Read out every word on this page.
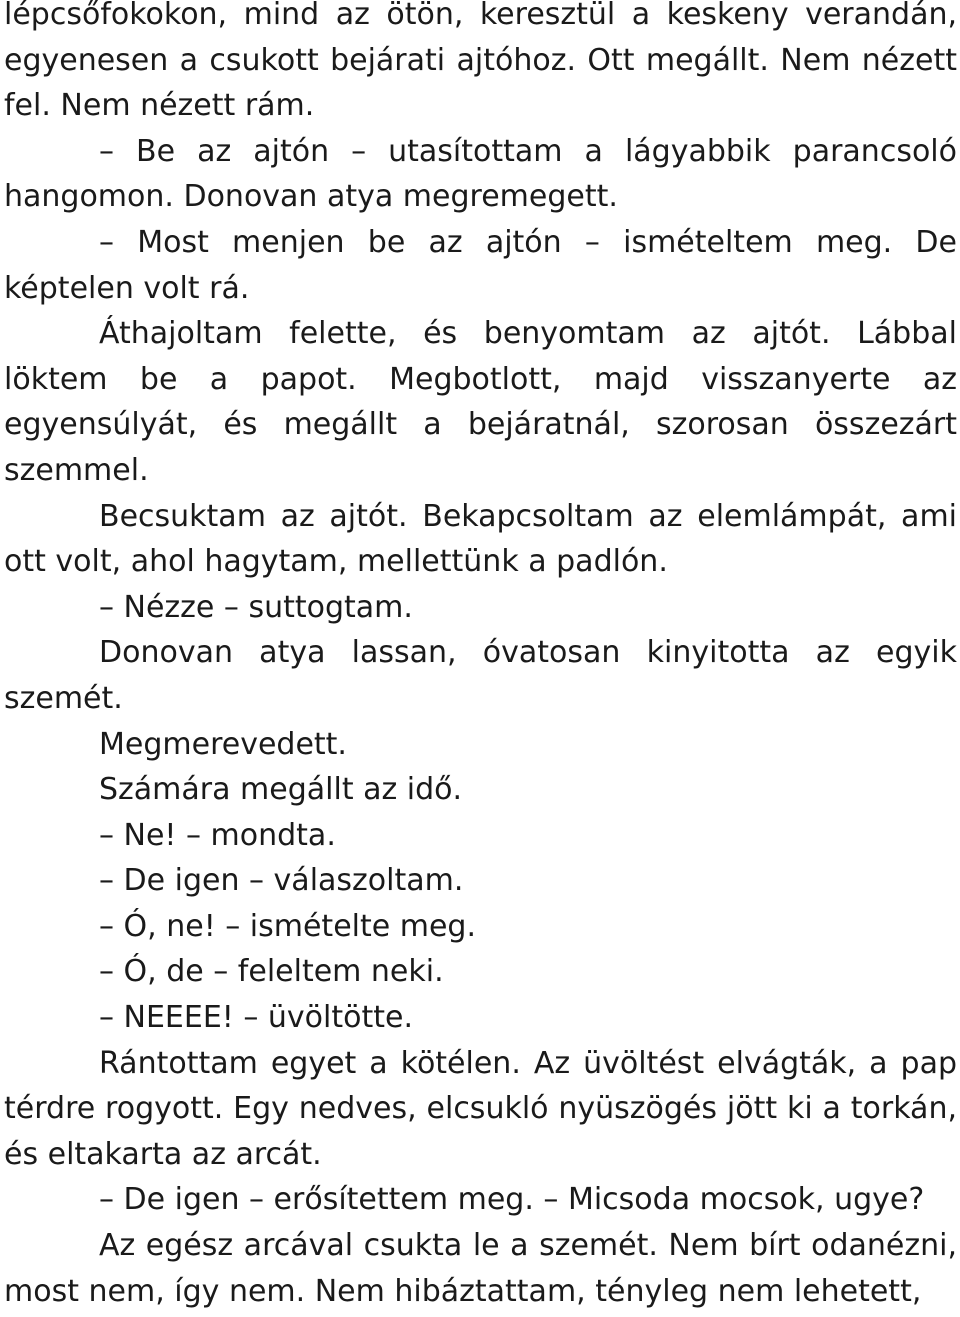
lépcsőfokokon, mind az ötön, keresztül a keskeny verandán, egyenesen a csukott bejárati ajtóhoz. Ott megállt. Nem nézett fel. Nem nézett rám.

– Be az ajtón – utasítottam a lágyabbik parancsoló hangomon. Donovan atya megremegett.

– Most menjen be az ajtón – ismételtem meg. De képtelen volt rá.

Áthajoltam felette, és benyomtam az ajtót. Lábbal löktem be a papot. Megbotlott, majd visszanyerte az egyensúlyát, és megállt a bejáratnál, szorosan összezárt szemmel.

Becsuktam az ajtót. Bekapcsoltam az elemlámpát, ami ott volt, ahol hagytam, mellettünk a padlón.

– Nézze – suttogtam.

Donovan atya lassan, óvatosan kinyitotta az egyik szemét.

Megmerevedett.

Számára megállt az idő.

– Ne! – mondta.

– De igen – válaszoltam.

– Ó, ne! – ismételte meg.

– Ó, de – feleltem neki.

– NEEEE! – üvöltötte.

Rántottam egyet a kötélen. Az üvöltést elvágták, a pap térdre rogyott. Egy nedves, elcsukló nyüszögés jött ki a torkán, és eltakarta az arcát.

– De igen – erősítettem meg. – Micsoda mocsok, ugye?

Az egész arcával csukta le a szemét. Nem bírt odanézni, most nem, így nem. Nem hibáztattam, tényleg nem lehetett,
